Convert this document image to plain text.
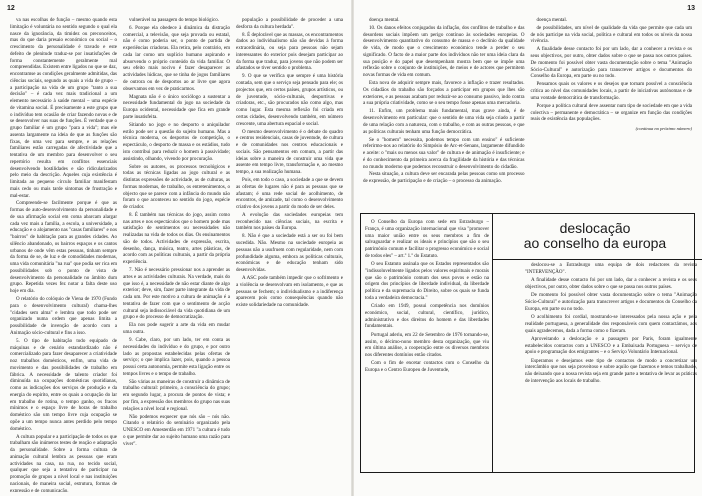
12

va nas escolhas de função – mesmo quando esta limitação é voluntária no sentido segundo o qual ela nasce da ignorância, da timidez ou preconceitos, mas do que daria presaio económico ou social – o crescimento da personalidade é travado e este defeito de plenitude traduz-se por insatisfações de forma constantemente geralmente mal compreendidas. Existem entre ligados no que se daz, encontramse as condições geralmente admitidas, das ciências sociais, segundo as quais a vida de grupo – a participação na vida de um grupo "tanto a sua decisão" – é cada vez mais tradicional a um elemento necessário à saúde mental – uma espécie de vitamina social. É precisamente a este grupo que o indivíduo tem ocasião de criar fazendo novas e de se desenvolver nas suas de funções. É verdade que o grupo familiar é um grupo "para a vida"; mas ele assenta largamente na ideia de que as funções são fixas, de uma vez para sempre, e as relações familiares estão carregadas de afectividade que a tentativa de um membro para desenvolver o seu repertório resulta em conflitos essenciais desenvolvendo hostilidades e são ridicularizados pelo meio da descrição. Aqueles cuja existência é limitada ao pequeno círculo familiar manifestam mais cedo ou mais tarde sintomas de frustração e mal-estar.

Compreende-se facilmente porque é que as formas de auto-desenvolvimento da personalidade e de sua afirmação social em coma abarcam alargar cada vez mais a família, a escola, a universidade, a educação e o alojamento nas "casas familiares" e nos "bairros" de habitação para as grandes cidades. Ao silêncio abandonado, os bairros espaços e os cantos urbanos de onde vêm estas pessoas, tinham sempre da forma de se, de luz e de comodidades modernas, uma vida comunitária "na rua" que podia ser rica em possibilidades sob o ponto de vista de desenvolvimento da personalidade no âmbito dum grupo. Repetida vezes fez notar a falta deste uso hoje em dia.

O relatório do colóquio de Viena de 1970 (Fundo para o desenvolvimento cultural) chama-lhes "cidades sem alma" e lembra que todo pode ser organizado numa ordem que apenas limita a possibilidade de invenção de acordo com a Animação sócio-cultural e fins a isso.

5. O tipo de habitação todo equipado de máquinas e de cenário estandardizado não é comercializado para fazer desaparecer a criatividade noz trabalhos domésticos, enfim, uma vida de movimento e das possibilidades de trabalho em fábrica. A necessidade de talento criador foi diminuída na ocupações domésticas quotidianas, como as indicações dos serviços de produção e da energia do espirito, entre os quais a ocupação do lar em trabalho de rotina, o tempo ganho, os fracos mínimos e o espaço livre de horas de trabalho doméstico são um tempo livre cuja ocupação se opõe a um tempo nunca antes perdido pelo tempo doméstico.

A cultura popular e a participação de todos os que trabalham são inúmeros testes de reação e adaptação da personalidade. Sobre a forma cultura de animação cultural lembra as pessoas que eram actividades na casa, na rua, no tecido social, qualquer que seja a tentativa de participar na promoção de grupos a nível local e nas instituições nacionais, de maneira social, estrutura, formas de expressão e de comunicação.

vulnerável na passagem do tempo biológico.

6. Porque ela obedece à dinâmica da distração comercial, a televisão, que seja provada ou estatal, não é como poderia ser, o ponto de partida de experiências criadoras. Ela retira, pelo contrário, em cada lar como um suplício humano aspirando e absorvendo o próprio conteúdo da vida familiar. O seu efeito mais nocivo é fazer desaparecer as actividades lúdicas, que se tinha de jogos familiares de outrora ou de desportos ao ar livre que agora observamos em vez de praticarmos.

Magnata não é o único sociólogo a sustentar a necessidade fundamental do jogo na sociedade da Europa ocidental, necessidade que fica em grande parte insatisfeita.

Sitiando no jogo e no desporto o aniquilador estilo pode ser a questão do sujeito humano. Mas a técnica moderna, os desportos de competição, o espectáculo, o desporto de massa e os estádios, tudo isto contribui para reduzir o homem à passividade; assistindo, olhando, vivendo por procuração.

Sobre os autores, os processos tecnológicos e todas as técnicas ligadas ao jogo cultural e as distintas expressões de actividade, as de culturas, as formas modernas, de trabalho, os entretenimentos, o objecto que se parece com a infância do mundo não foram o que aconteceu no sentido do jogo, espécie de criador.

8. É também nas técnicas do jogo, assim como nas artes e nos espectáculos que o homem pode mas satisfação de sentimentos ou necessidades não realizadas na vida de todos os dias. Os ensinamentos são de todos. Actividades de expressão, escrita, desenho, dança, música, teatro, artes plásticas, de acordo com as políticas culturais, a partir da própria experiência.

7. Não é necessário pressionar nos a aprender as artes e as actividades culturais. Na verdade, mais do que isso é, a necessidade de não estar diante de algo exterior; deve, sim, fazer parte integrante da vida de cada um. Por este motivo a cultura de animação é a tentativa de fazer com que o sentimento de acção cultural seja indissociável da vida quotidiana de um grupo e do processo de democratização.

Ela nos pode sugerir a arte da vida em mudar uma outra.

9. Cabe, claro, por um lado, ter em conta as necessidades do indivíduo e do grupo, e por outro lado as propostas estabelecidas pelas ofertas de serviço; o que implica lazer, pois, quando a pessoa possui certa autonomia, permite esta ligação entre os tempos livres e o tempo de trabalho.

São várias as maneiras de construir a dinâmica de trabalho cultural: primeiro, a consciência do grupo; em segundo lugar, a procura de pontos de vista; e por fim, a expressão dos membros do grupo nas suas relações a nível local e regional.

Não podemos esquecer que nós são – nós não. Citando o relatório do seminário organizado pela UNESCO em Amesterdão em 1971 "a cultura é tudo o que permite dar ao sujeito humano uma razão para viver".

população a possibilidade de proceder a uma desforra da cultura herdada".

8. É deplorável que as massas, os encontramentos dados ao individualismo não são devidas à forma extraordinária, ou seja para pessoas não sejam interessantes do exterior pois desejam participar ao da forma que traduz, para jovens que não podem ser afastados se tiver sentido o problema.

9. O que se verifica que sempre é uma história contada, sem que o serviço seja pensado para ele; os projectos que, em certos países, grupos artísticos, ou de juventude, sócio-culturais, desportivas e criadoras, etc., são procurados não como algo, mas como lugar. Esta mesma reflexão foi criada em certas cidades, desenvolvendo também, em número crescente, uma abertura espacial e social.

O mesmo desenvolvimento é o debate do quadro e centros residenciais, casas de juventude, de cultura e de comunidades nos centros educacionais e sociais. São pensamentos em comum, a partir das ideias sobre a maneira de construir uma vida que assente em tempo livre, transformação e, ao mesmo tempo, a sua realização humana.

Pois, em todo o caso, a sociedade a que se devem as ofertas de lugares não é para as pessoas que se afastam; é uma rede social de acolhimento, de encontros, de amizade, tal como o desenvolvimento criativo dos jovens a partir do modo de ser deles.

A evolução das sociedades europeias tem reconhecido nas ciências sociais, na escrita e também nos países da Europa.

8. Não é que a sociedade está a ser ou foi bem sucedida. Não. Mesmo na sociedade europeia as pessoas não a usufruem com regularidade, nem com profundidade alguma, embora as políticas culturais, económicas e de educação tenham sido desenvolvidas.

A ASC pode também impedir que o sofrimento e a violência se desenvolvam em isolamento, e que as pessoas se fechem; o individualismo e a indiferença aparecem pois como consequências quando não existe solidariedade na comunidade.

13

doença mental.

10. Os danos efeitos conjugados da inflação, dos conflitos de trabalho e das desordens sociais impõem um perigo contínuo às sociedades europeias. O desenvolvimento quantitativo do consumo de massa e o declínio da qualidade de vida, de modo que o crescimento económico tende a perder o seu significado. O facto de a maior parte dos indivíduos não ter uma ideia clara da sua posição e do papel que desempenham mostra bem que se impõe uma reflexão sobre o conjunto de instituições, de meios e de actores que permitem novas formas de vida em comum.

Esta nova de adquirir sempre mais, favorece a inflação e trazer resultados. Os cidadãos do trabalho são forçados a participar em grupos que lhes são exteriores, e as pessoas acabam por reduzir-se ao consumo passivo, indo contra a sua própria criatividade, como se o seu tempo fosse apenas uma mercadoria.

11. Enfim, um problema mais fundamental, mas grave ainda, é de desenvolvimento em particular: que o sentido de uma vida seja criado a partir de uma relação com a natureza, com o trabalho, e com as outras pessoas, e que as políticas culturais tenham uma função democrática.

Se o "homem" necessita, podemos tempo com um ensino" é suficiente referirmo-nos ao relatório do Simpósio de Arc-et-Senans, largamente difundido e aceite: o "mais ou menos sua valor" de cultura e de animação é insuficiente; e é do conhecimento da primeira acerca da fragilidade da história e das técnicas no mundo moderno que podemos reconstruir o desenvolvimento do cidadão.

Nesta situação, a cultura deve ser encarada pelas pessoas como um processo de expressão, de participação e de criação – o processo da animação.

doença mental.

de possibilidades, um nível de qualidade da vida que permite que cada um de nós participe na vida social, política e cultural em todos os níveis da nossa vivência.

A finalidade desse contacto foi por um lado, dar a conhecer a revista e os seus objectivos, por outro, obter dados sobre o que se passa nos outros países. De momento foi possível obter vasta documentação sobre o tema "Animação Sócio-Cultural" e autorização para transcrever artigos e documentos do Conselho da Europa, em parte ou no todo.

Pensamos quais os valores e os desejos que tornam possível a consciência crítica ao nível das comunidades locais, a partir de iniciativas autónomas e de uma vontade democrática de transformação.

Porque a política cultural deve assentar num tipo de sociedade em que a vida colectiva – permanente e democrática – se organize em função das condições reais de existência das populações.

(continua no próximo número)

O Conselho da Europa com sede em Estrasburgo – França, é uma organização internacional que visa "promover uma maior união entre os seus membros a fim de salvaguardar e realizar os ideais e princípios que são o seu património comum e facilitar o progresso económico e social de todos eles" – art.º 1.º do Estatuto.

O seu Estatuto assinala que os Estados representados são "indissoluvelmente ligados pelos valores espirituais e morais que são o património comum dos seus povos e estão na origem dos princípios de liberdade individual, da liberdade política e da supremacia do Direito, sobre os quais se funda toda a verdadeira democracia."

Criado em 1949, possui competência nos domínios económico, social, cultural, científico, jurídico, administrativo e dos direitos do homem e das liberdades fundamentais.

Portugal aderiu, em 22 de Setembro de 1976 tornando-se, assim, o décimo-nono membro desta organização, que viu em última análise, a cooperação entre os diversos membros nos diferentes domínios então citados.

Com o fim de encetar contactos com o Conselho da Europa e o Centro Europeu de Juventude,

deslocação
ao conselho da europa

deslocou-se a Estrasburgo uma equipa de dois redactores da revista "INTERVENÇÃO".

A finalidade desse contacto foi por um lado, dar a conhecer a revista e os seus objectivos, por outro, obter dados sobre o que se passa nos outros países.

De momento foi possível obter vasta documentação sobre o tema "Animação Sócio-Cultural" e autorização para transcrever artigos e documentos do Conselho da Europa, em parte ou no todo.

O acolhimento foi cordial, mostrando-se interessados pela nossa ação e pela realidade portuguesa, a generalidade dos responsáveis com quem contactámos, aos quais agradecemos, dada a forma como o fizeram.

Aproveitando a deslocação e a passagem por Paris, foram igualmente estabelecidos contactos com a UNESCO e a Embaixada Portuguesa – serviço de apoio e programação dos emigrantes – e o Serviço Voluntário Internacional.

Esperamos e desejamos este tipo de contactos de modo a concretizar um intercâmbio que nos seja proveitoso e sobre aquilo que fazemos e temos trabalhado, não deixando que a nossa revista seja em grande parte a tentativa de levar as práticas de intervenção aos locais de trabalho.
